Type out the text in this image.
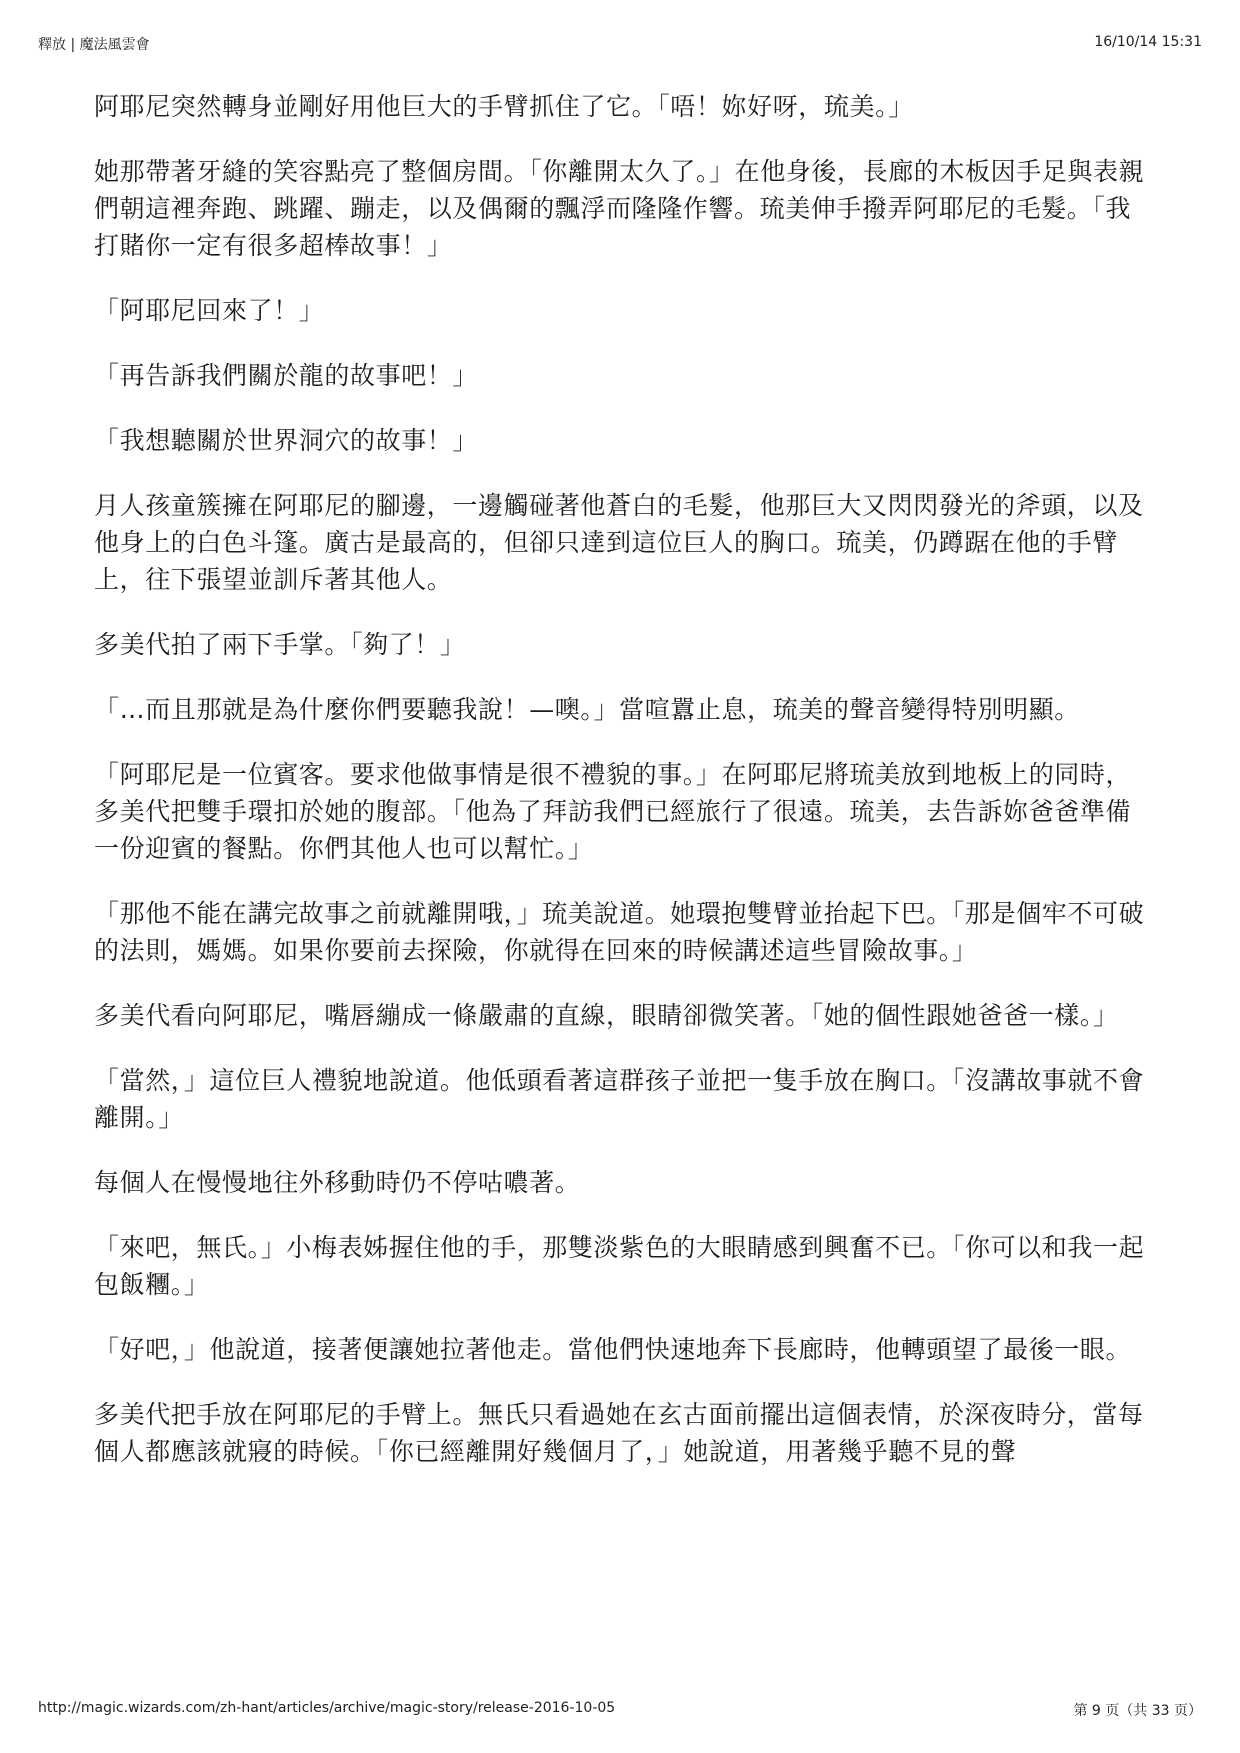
釋放 | 魔法風雲會	16/10/14 15:31

阿耶尼突然轉身並剛好用他巨大的手臂抓住了它。「唔！妳好呀，琉美。」

她那帶著牙縫的笑容點亮了整個房間。「你離開太久了。」在他身後，長廊的木板因手足與表親們朝這裡奔跑、跳躍、蹦走，以及偶爾的飄浮而隆隆作響。琉美伸手撥弄阿耶尼的毛髮。「我打賭你一定有很多超棒故事！」

「阿耶尼回來了！」

「再告訴我們關於龍的故事吧！」

「我想聽關於世界洞穴的故事！」

月人孩童簇擁在阿耶尼的腳邊，一邊觸碰著他蒼白的毛髮，他那巨大又閃閃發光的斧頭，以及他身上的白色斗篷。廣古是最高的，但卻只達到這位巨人的胸口。琉美，仍蹲踞在他的手臂上，往下張望並訓斥著其他人。

多美代拍了兩下手掌。「夠了！」

「…而且那就是為什麼你們要聽我說！—噢。」當喧囂止息，琉美的聲音變得特別明顯。

「阿耶尼是一位賓客。要求他做事情是很不禮貌的事。」在阿耶尼將琉美放到地板上的同時，多美代把雙手環扣於她的腹部。「他為了拜訪我們已經旅行了很遠。琉美，去告訴妳爸爸準備一份迎賓的餐點。你們其他人也可以幫忙。」

「那他不能在講完故事之前就離開哦，」琉美說道。她環抱雙臂並抬起下巴。「那是個牢不可破的法則，媽媽。如果你要前去探險，你就得在回來的時候講述這些冒險故事。」

多美代看向阿耶尼，嘴唇繃成一條嚴肅的直線，眼睛卻微笑著。「她的個性跟她爸爸一樣。」

「當然，」這位巨人禮貌地說道。他低頭看著這群孩子並把一隻手放在胸口。「沒講故事就不會離開。」

每個人在慢慢地往外移動時仍不停咕噥著。

「來吧，無氏。」小梅表姊握住他的手，那雙淡紫色的大眼睛感到興奮不已。「你可以和我一起包飯糰。」

「好吧，」他說道，接著便讓她拉著他走。當他們快速地奔下長廊時，他轉頭望了最後一眼。

多美代把手放在阿耶尼的手臂上。無氏只看過她在玄古面前擺出這個表情，於深夜時分，當每個人都應該就寢的時候。「你已經離開好幾個月了，」她說道，用著幾乎聽不見的聲

http://magic.wizards.com/zh-hant/articles/archive/magic-story/release-2016-10-05	第 9 页（共 33 页）
